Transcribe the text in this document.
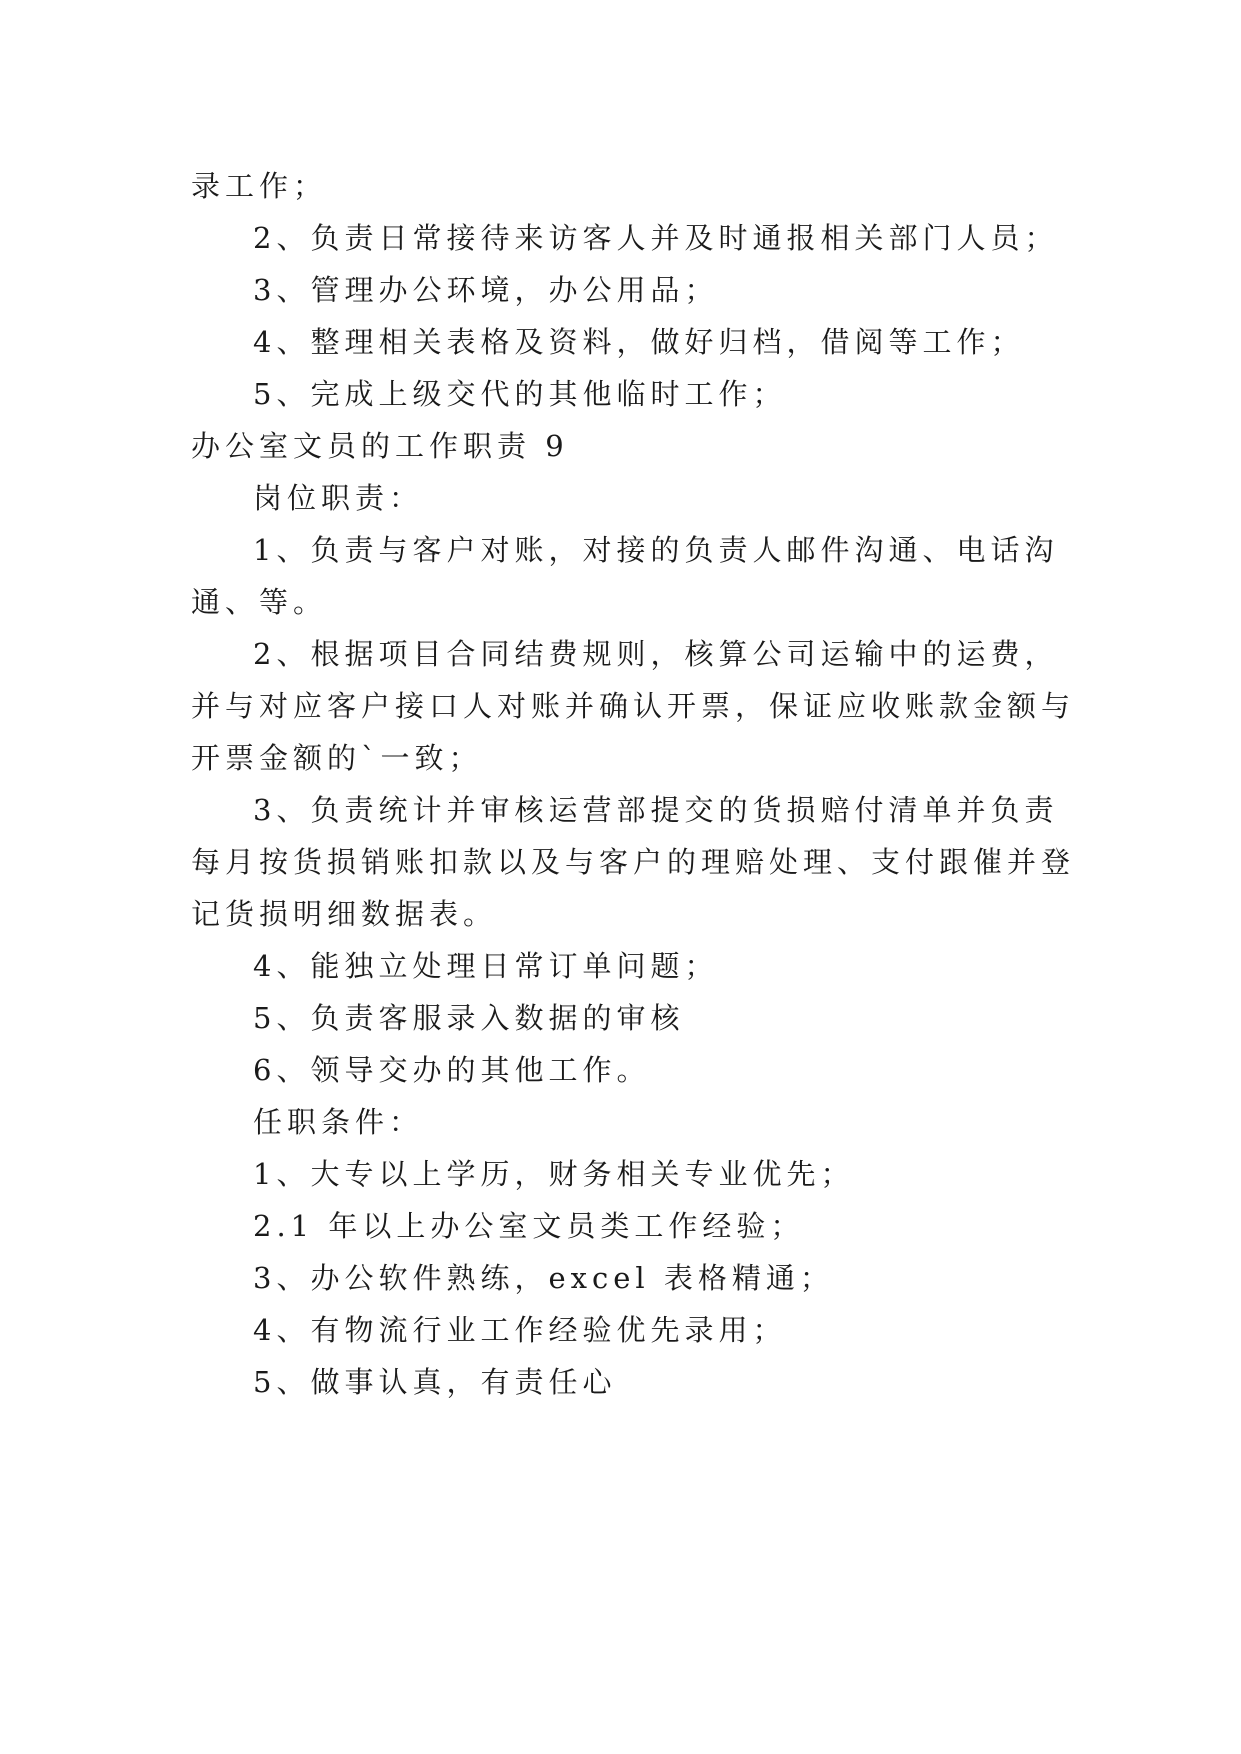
录工作；

2、负责日常接待来访客人并及时通报相关部门人员；

3、管理办公环境，办公用品；

4、整理相关表格及资料，做好归档，借阅等工作；

5、完成上级交代的其他临时工作；

办公室文员的工作职责 9

岗位职责：

1、负责与客户对账，对接的负责人邮件沟通、电话沟

通、等。

2、根据项目合同结费规则，核算公司运输中的运费，

并与对应客户接口人对账并确认开票，保证应收账款金额与

开票金额的`一致；

3、负责统计并审核运营部提交的货损赔付清单并负责

每月按货损销账扣款以及与客户的理赔处理、支付跟催并登

记货损明细数据表。

4、能独立处理日常订单问题；

5、负责客服录入数据的审核

6、领导交办的其他工作。

任职条件：

1、大专以上学历，财务相关专业优先；

2.1 年以上办公室文员类工作经验；

3、办公软件熟练，excel 表格精通；

4、有物流行业工作经验优先录用；

5、做事认真，有责任心
